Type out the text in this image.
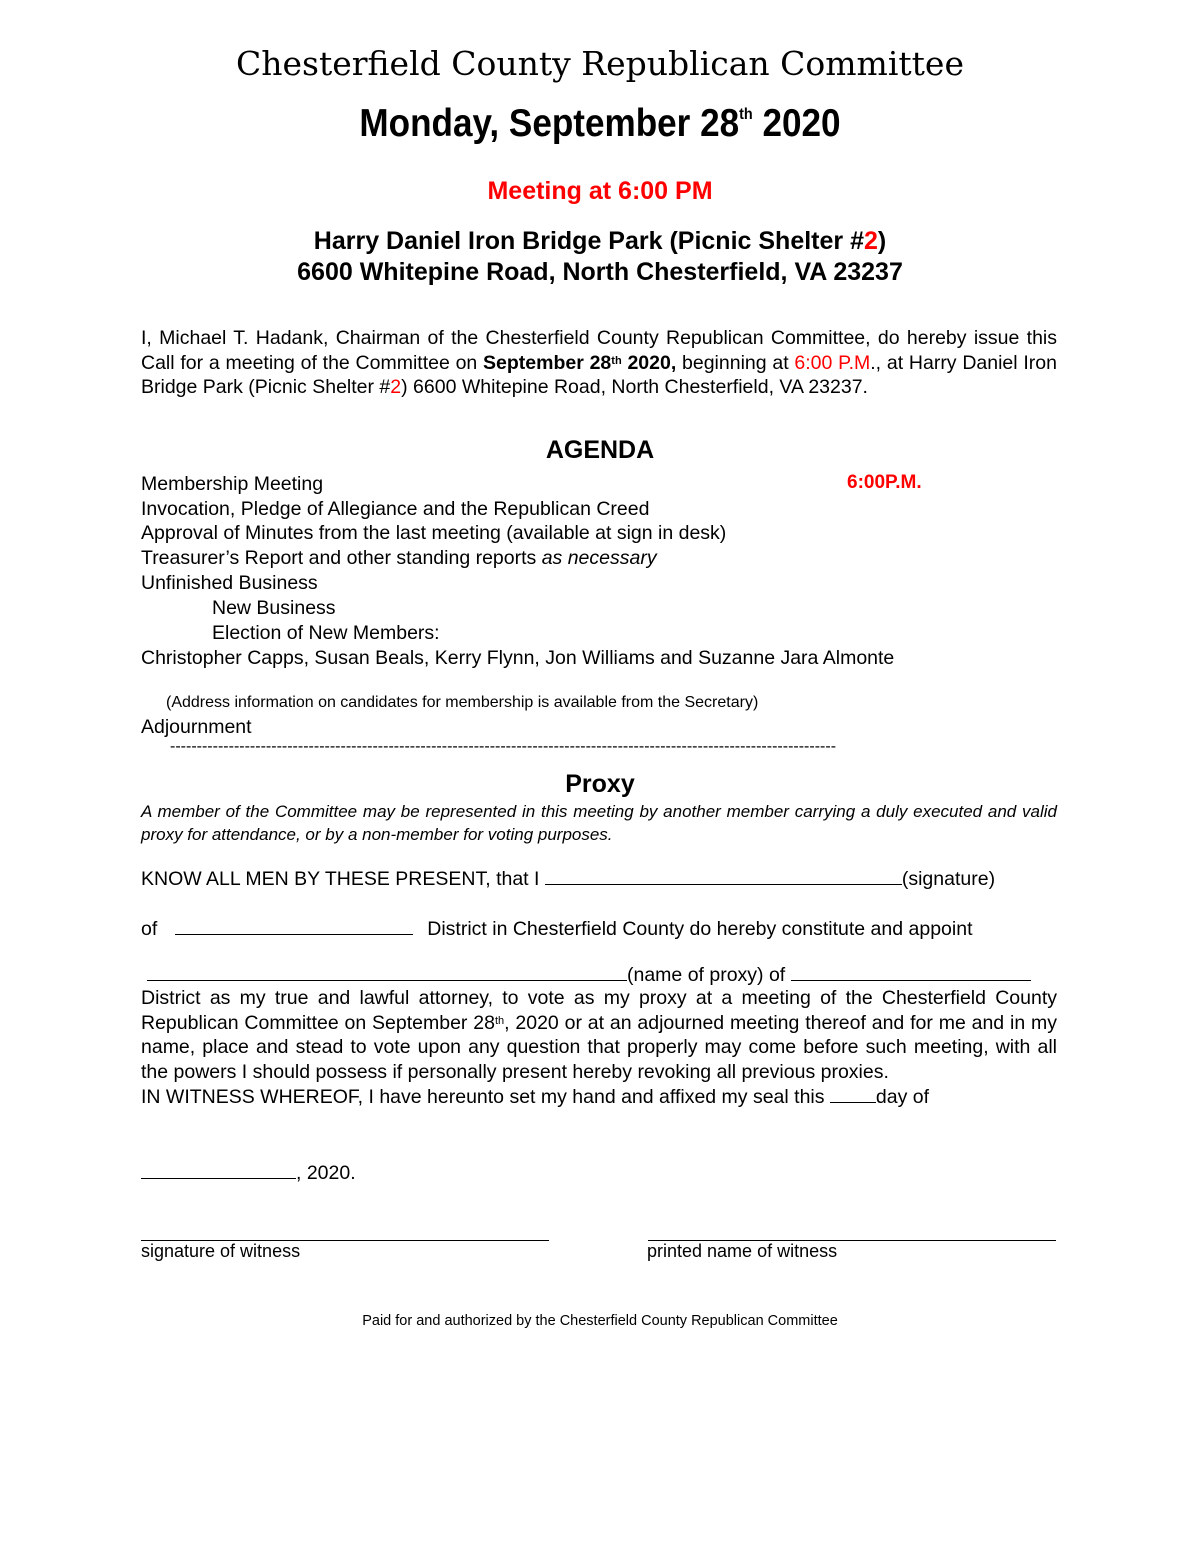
Chesterfield County Republican Committee
Monday, September 28th 2020
Meeting at 6:00 PM
Harry Daniel Iron Bridge Park (Picnic Shelter #2)
6600 Whitepine Road, North Chesterfield, VA 23237
I, Michael T. Hadank, Chairman of the Chesterfield County Republican Committee, do hereby issue this Call for a meeting of the Committee on September 28th 2020, beginning at 6:00 P.M., at Harry Daniel Iron Bridge Park (Picnic Shelter #2) 6600 Whitepine Road, North Chesterfield, VA 23237.
AGENDA
Membership Meeting	6:00P.M.
Invocation, Pledge of Allegiance and the Republican Creed
Approval of Minutes from the last meeting (available at sign in desk)
Treasurer’s Report and other standing reports as necessary
Unfinished Business
New Business
Election of New Members:
Christopher Capps, Susan Beals, Kerry Flynn, Jon Williams and Suzanne Jara Almonte
(Address information on candidates for membership is available from the Secretary)
Adjournment
-----------------------------------------------------------------------------------------------------------------------------
Proxy
A member of the Committee may be represented in this meeting by another member carrying a duly executed and valid proxy for attendance, or by a non-member for voting purposes.
KNOW ALL MEN BY THESE PRESENT, that I	(signature)
of	District in Chesterfield County do hereby constitute and appoint
(name of proxy) of
District as my true and lawful attorney, to vote as my proxy at a meeting of the Chesterfield County Republican Committee on September 28th, 2020 or at an adjourned meeting thereof and for me and in my name, place and stead to vote upon any question that properly may come before such meeting, with all the powers I should possess if personally present hereby revoking all previous proxies.
IN WITNESS WHEREOF, I have hereunto set my hand and affixed my seal this day of
, 2020.
signature of witness	printed name of witness
Paid for and authorized by the Chesterfield County Republican Committee
